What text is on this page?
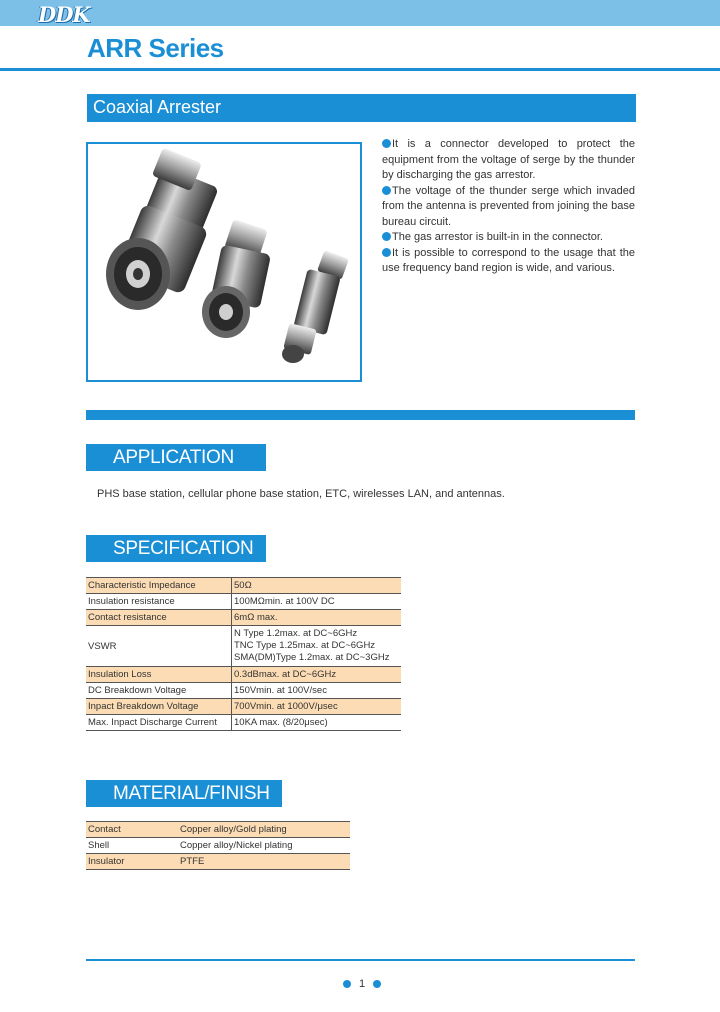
DDK
ARR Series
Coaxial Arrester

It is a connector developed to protect the equipment from the voltage of serge by the thunder by discharging the gas arrestor.

The voltage of the thunder serge which invaded from the antenna is prevented from joining the base bureau circuit.

The gas arrestor is built-in in the connector.

It is possible to correspond to the usage that the use frequency band region is wide, and various.

APPLICATION
PHS base station, cellular phone base station, ETC, wirelesses LAN, and antennas.
SPECIFICATION
Characteristic Impedance	50Ω
Insulation resistance	100MΩmin. at 100V DC
Contact resistance	6mΩ max.
VSWR	N Type 1.2max. at DC~6GHz
TNC Type 1.25max. at DC~6GHz
SMA(DM)Type 1.2max. at DC~3GHz

Insulation Loss	0.3dBmax. at DC~6GHz
DC Breakdown Voltage	150Vmin. at 100V/sec
Inpact Breakdown Voltage	700Vmin. at 1000V/μsec
Max. Inpact Discharge Current	10KA max. (8/20μsec)
MATERIAL/FINISH
Contact	Copper alloy/Gold plating
Shell	Copper alloy/Nickel plating
Insulator	PTFE
1
